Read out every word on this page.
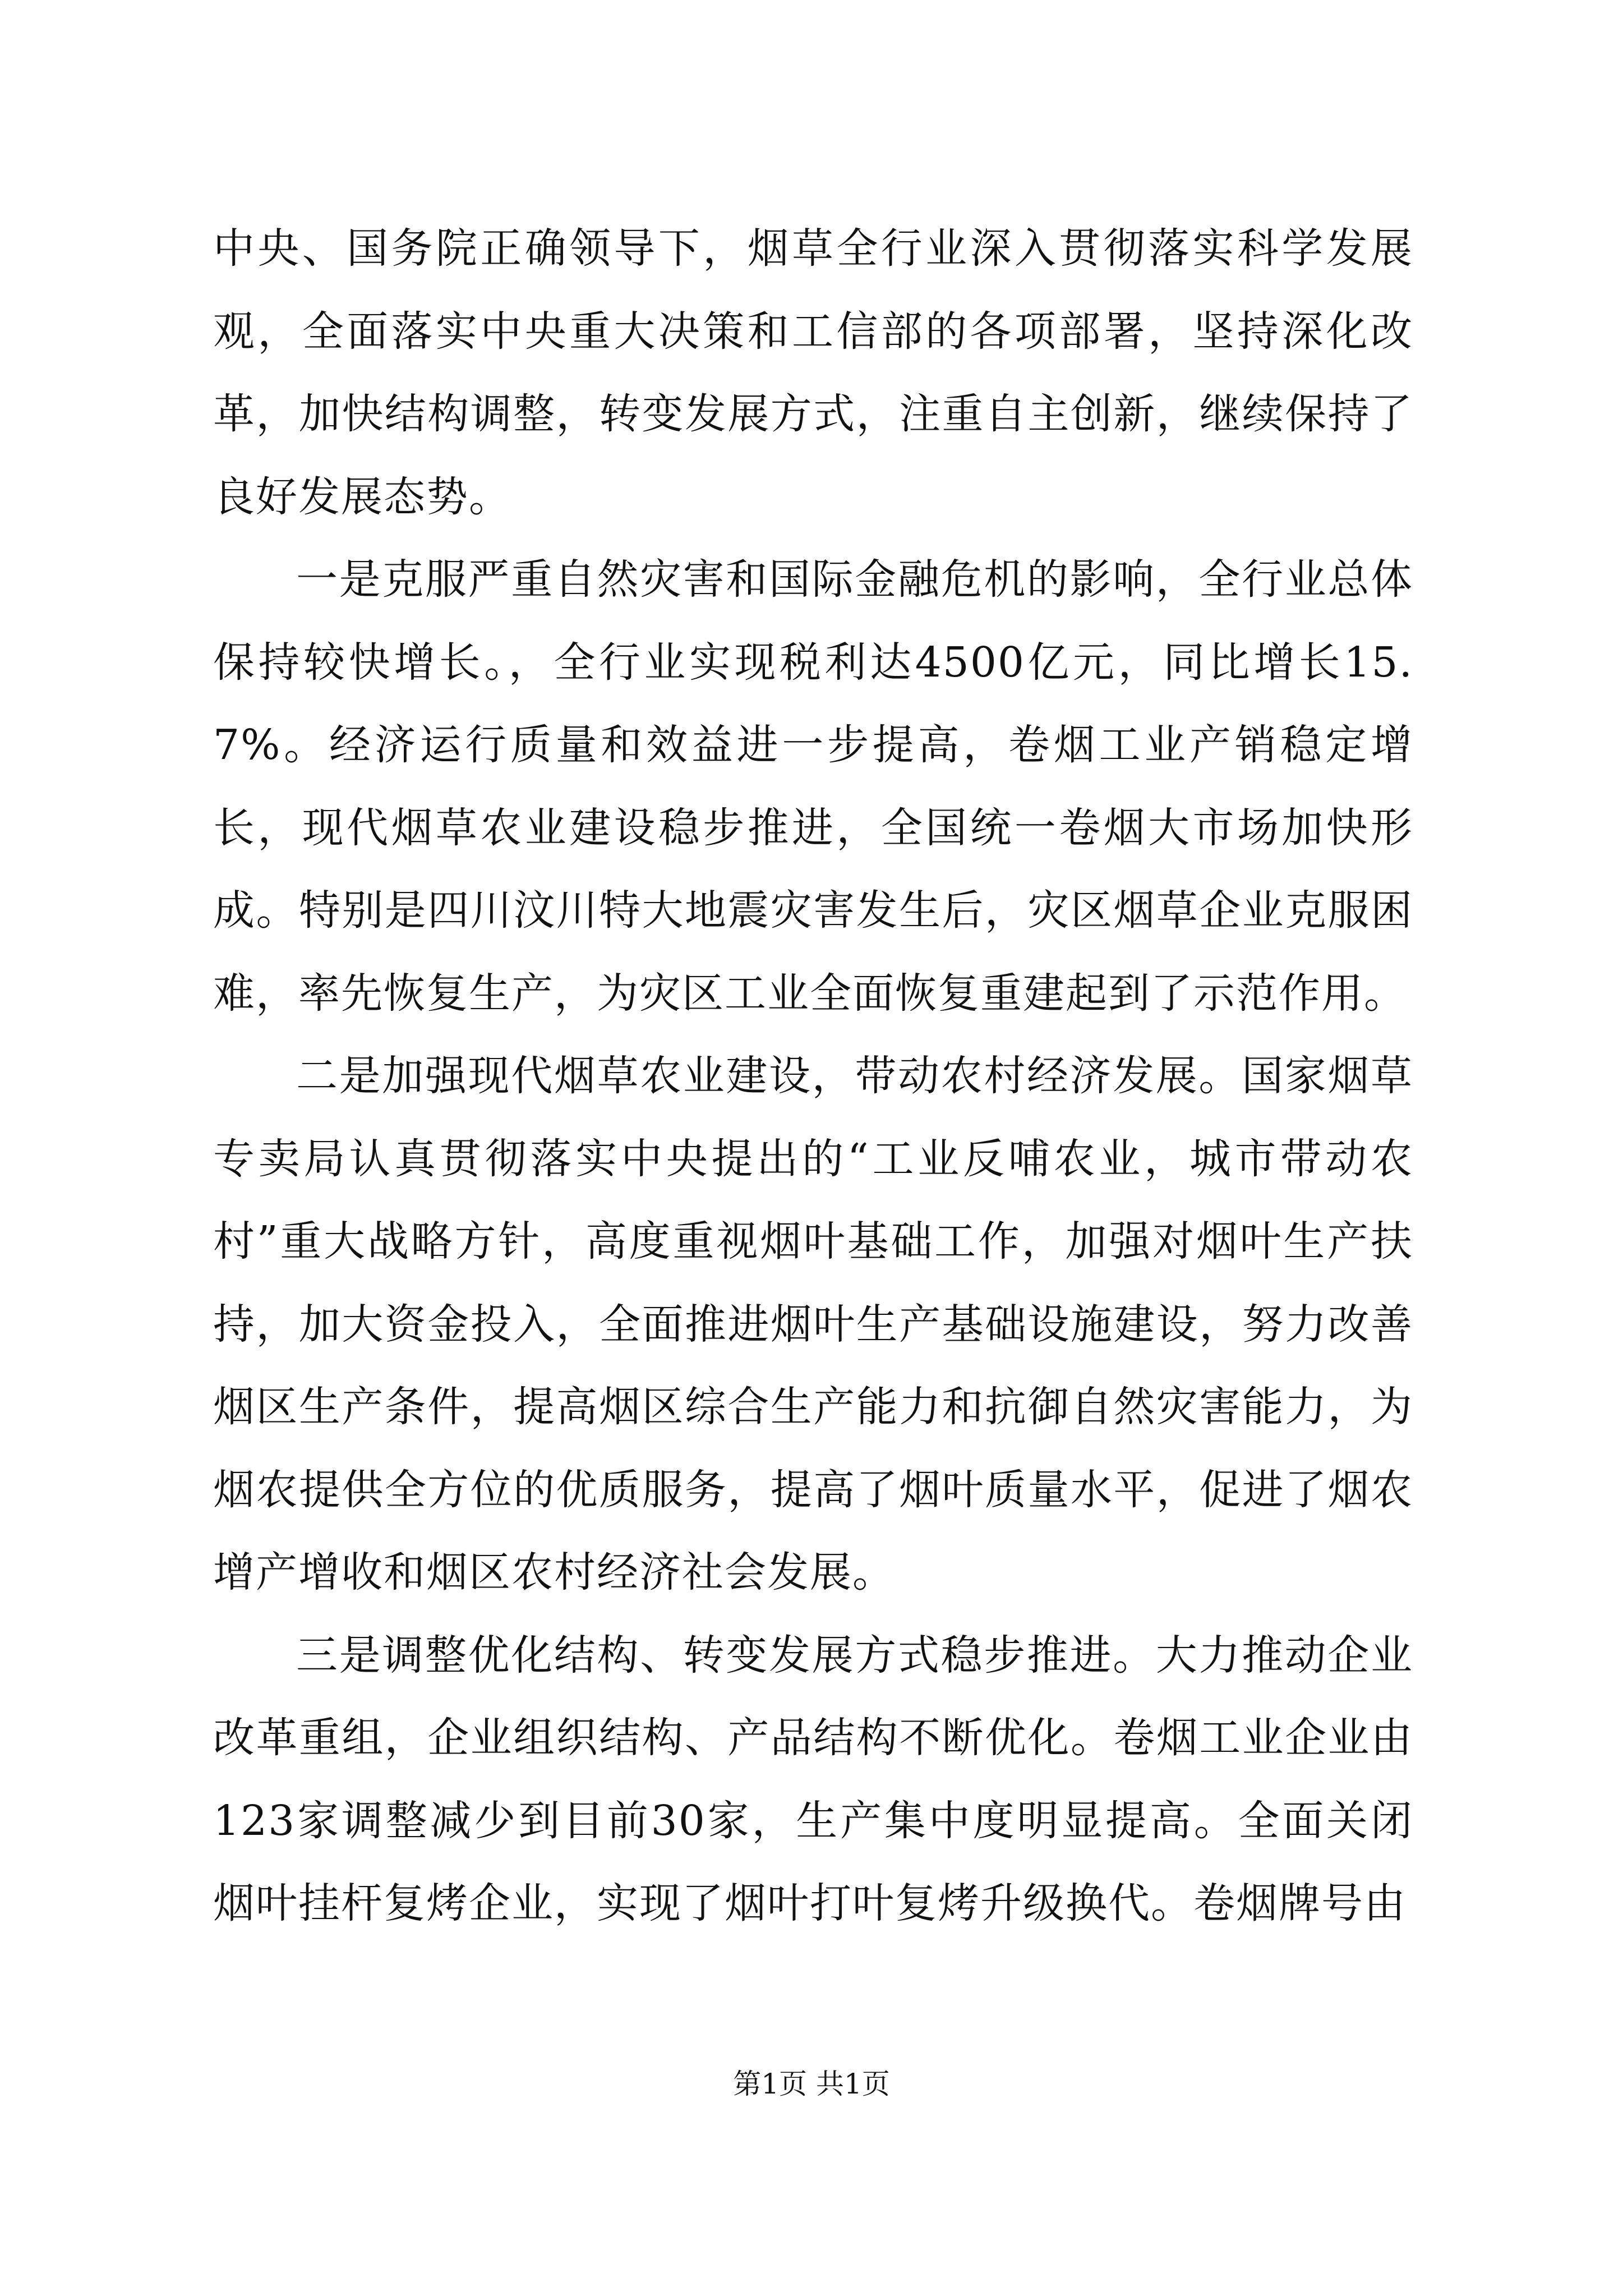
中央、国务院正确领导下，烟草全行业深入贯彻落实科学发展观，全面落实中央重大决策和工信部的各项部署，坚持深化改革，加快结构调整，转变发展方式，注重自主创新，继续保持了良好发展态势。

一是克服严重自然灾害和国际金融危机的影响，全行业总体保持较快增长。，全行业实现税利达4500亿元，同比增长15.7%。经济运行质量和效益进一步提高，卷烟工业产销稳定增长，现代烟草农业建设稳步推进，全国统一卷烟大市场加快形成。特别是四川汶川特大地震灾害发生后，灾区烟草企业克服困难，率先恢复生产，为灾区工业全面恢复重建起到了示范作用。

二是加强现代烟草农业建设，带动农村经济发展。国家烟草专卖局认真贯彻落实中央提出的“工业反哺农业，城市带动农村”重大战略方针，高度重视烟叶基础工作，加强对烟叶生产扶持，加大资金投入，全面推进烟叶生产基础设施建设，努力改善烟区生产条件，提高烟区综合生产能力和抗御自然灾害能力，为烟农提供全方位的优质服务，提高了烟叶质量水平，促进了烟农增产增收和烟区农村经济社会发展。

三是调整优化结构、转变发展方式稳步推进。大力推动企业改革重组，企业组织结构、产品结构不断优化。卷烟工业企业由123家调整减少到目前30家，生产集中度明显提高。全面关闭烟叶挂杆复烤企业，实现了烟叶打叶复烤升级换代。卷烟牌号由

第1页 共1页
